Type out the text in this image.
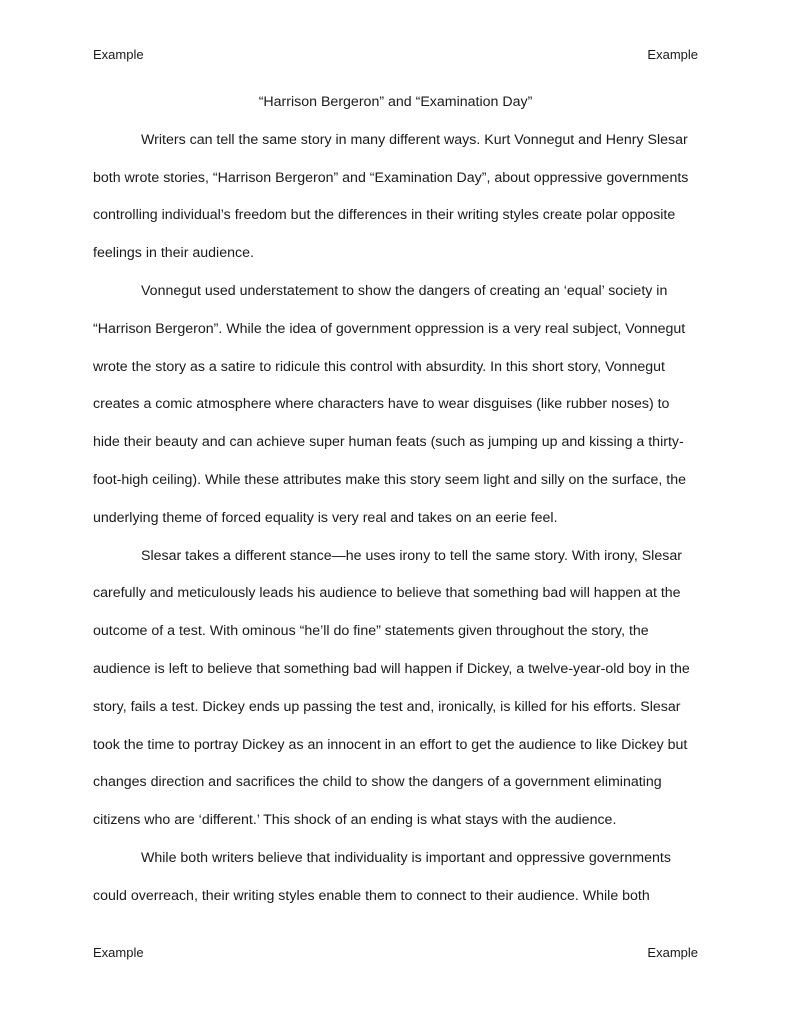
Example	Example
“Harrison Bergeron” and “Examination Day”

Writers can tell the same story in many different ways. Kurt Vonnegut and Henry Slesar both wrote stories, “Harrison Bergeron” and “Examination Day”, about oppressive governments controlling individual’s freedom but the differences in their writing styles create polar opposite feelings in their audience.

Vonnegut used understatement to show the dangers of creating an ‘equal’ society in “Harrison Bergeron”. While the idea of government oppression is a very real subject, Vonnegut wrote the story as a satire to ridicule this control with absurdity. In this short story, Vonnegut creates a comic atmosphere where characters have to wear disguises (like rubber noses) to hide their beauty and can achieve super human feats (such as jumping up and kissing a thirty-foot-high ceiling). While these attributes make this story seem light and silly on the surface, the underlying theme of forced equality is very real and takes on an eerie feel.

Slesar takes a different stance—he uses irony to tell the same story. With irony, Slesar carefully and meticulously leads his audience to believe that something bad will happen at the outcome of a test. With ominous “he’ll do fine” statements given throughout the story, the audience is left to believe that something bad will happen if Dickey, a twelve-year-old boy in the story, fails a test. Dickey ends up passing the test and, ironically, is killed for his efforts. Slesar took the time to portray Dickey as an innocent in an effort to get the audience to like Dickey but changes direction and sacrifices the child to show the dangers of a government eliminating citizens who are ‘different.’ This shock of an ending is what stays with the audience.

While both writers believe that individuality is important and oppressive governments could overreach, their writing styles enable them to connect to their audience. While both

Example	Example
